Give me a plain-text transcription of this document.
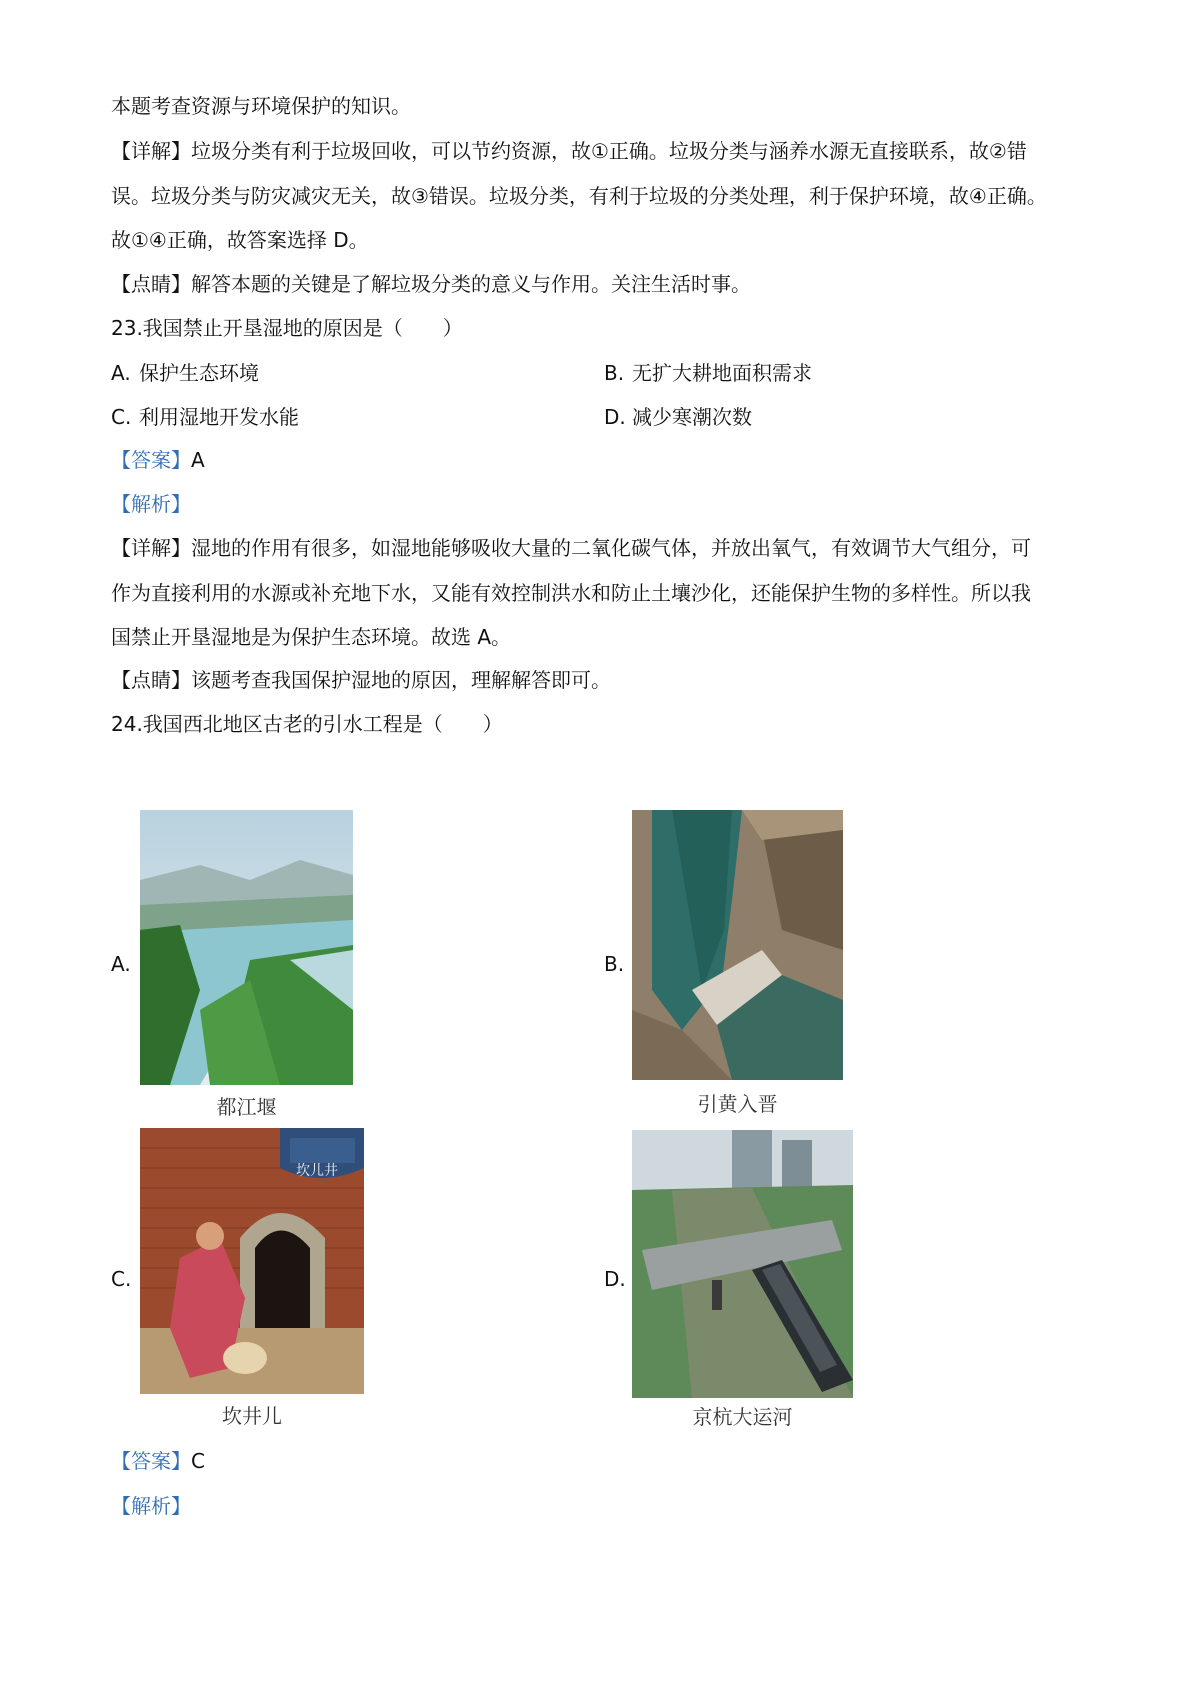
本题考查资源与环境保护的知识。
【详解】垃圾分类有利于垃圾回收，可以节约资源，故①正确。垃圾分类与涵养水源无直接联系，故②错
误。垃圾分类与防灾减灾无关，故③错误。垃圾分类，有利于垃圾的分类处理，利于保护环境，故④正确。
故①④正确，故答案选择 D。
【点睛】解答本题的关键是了解垃圾分类的意义与作用。关注生活时事。
23.我国禁止开垦湿地的原因是（　　）
A. 保护生态环境	B. 无扩大耕地面积需求
C. 利用湿地开发水能	D. 减少寒潮次数
【答案】A
【解析】
【详解】湿地的作用有很多，如湿地能够吸收大量的二氧化碳气体，并放出氧气，有效调节大气组分，可
作为直接利用的水源或补充地下水，又能有效控制洪水和防止土壤沙化，还能保护生物的多样性。所以我
国禁止开垦湿地是为保护生态环境。故选 A。
【点睛】该题考查我国保护湿地的原因，理解解答即可。
24.我国西北地区古老的引水工程是（　　）
A.
都江堰
B.
引黄入晋
C.
坎井儿
坎儿井
D.
京杭大运河
【答案】C
【解析】
